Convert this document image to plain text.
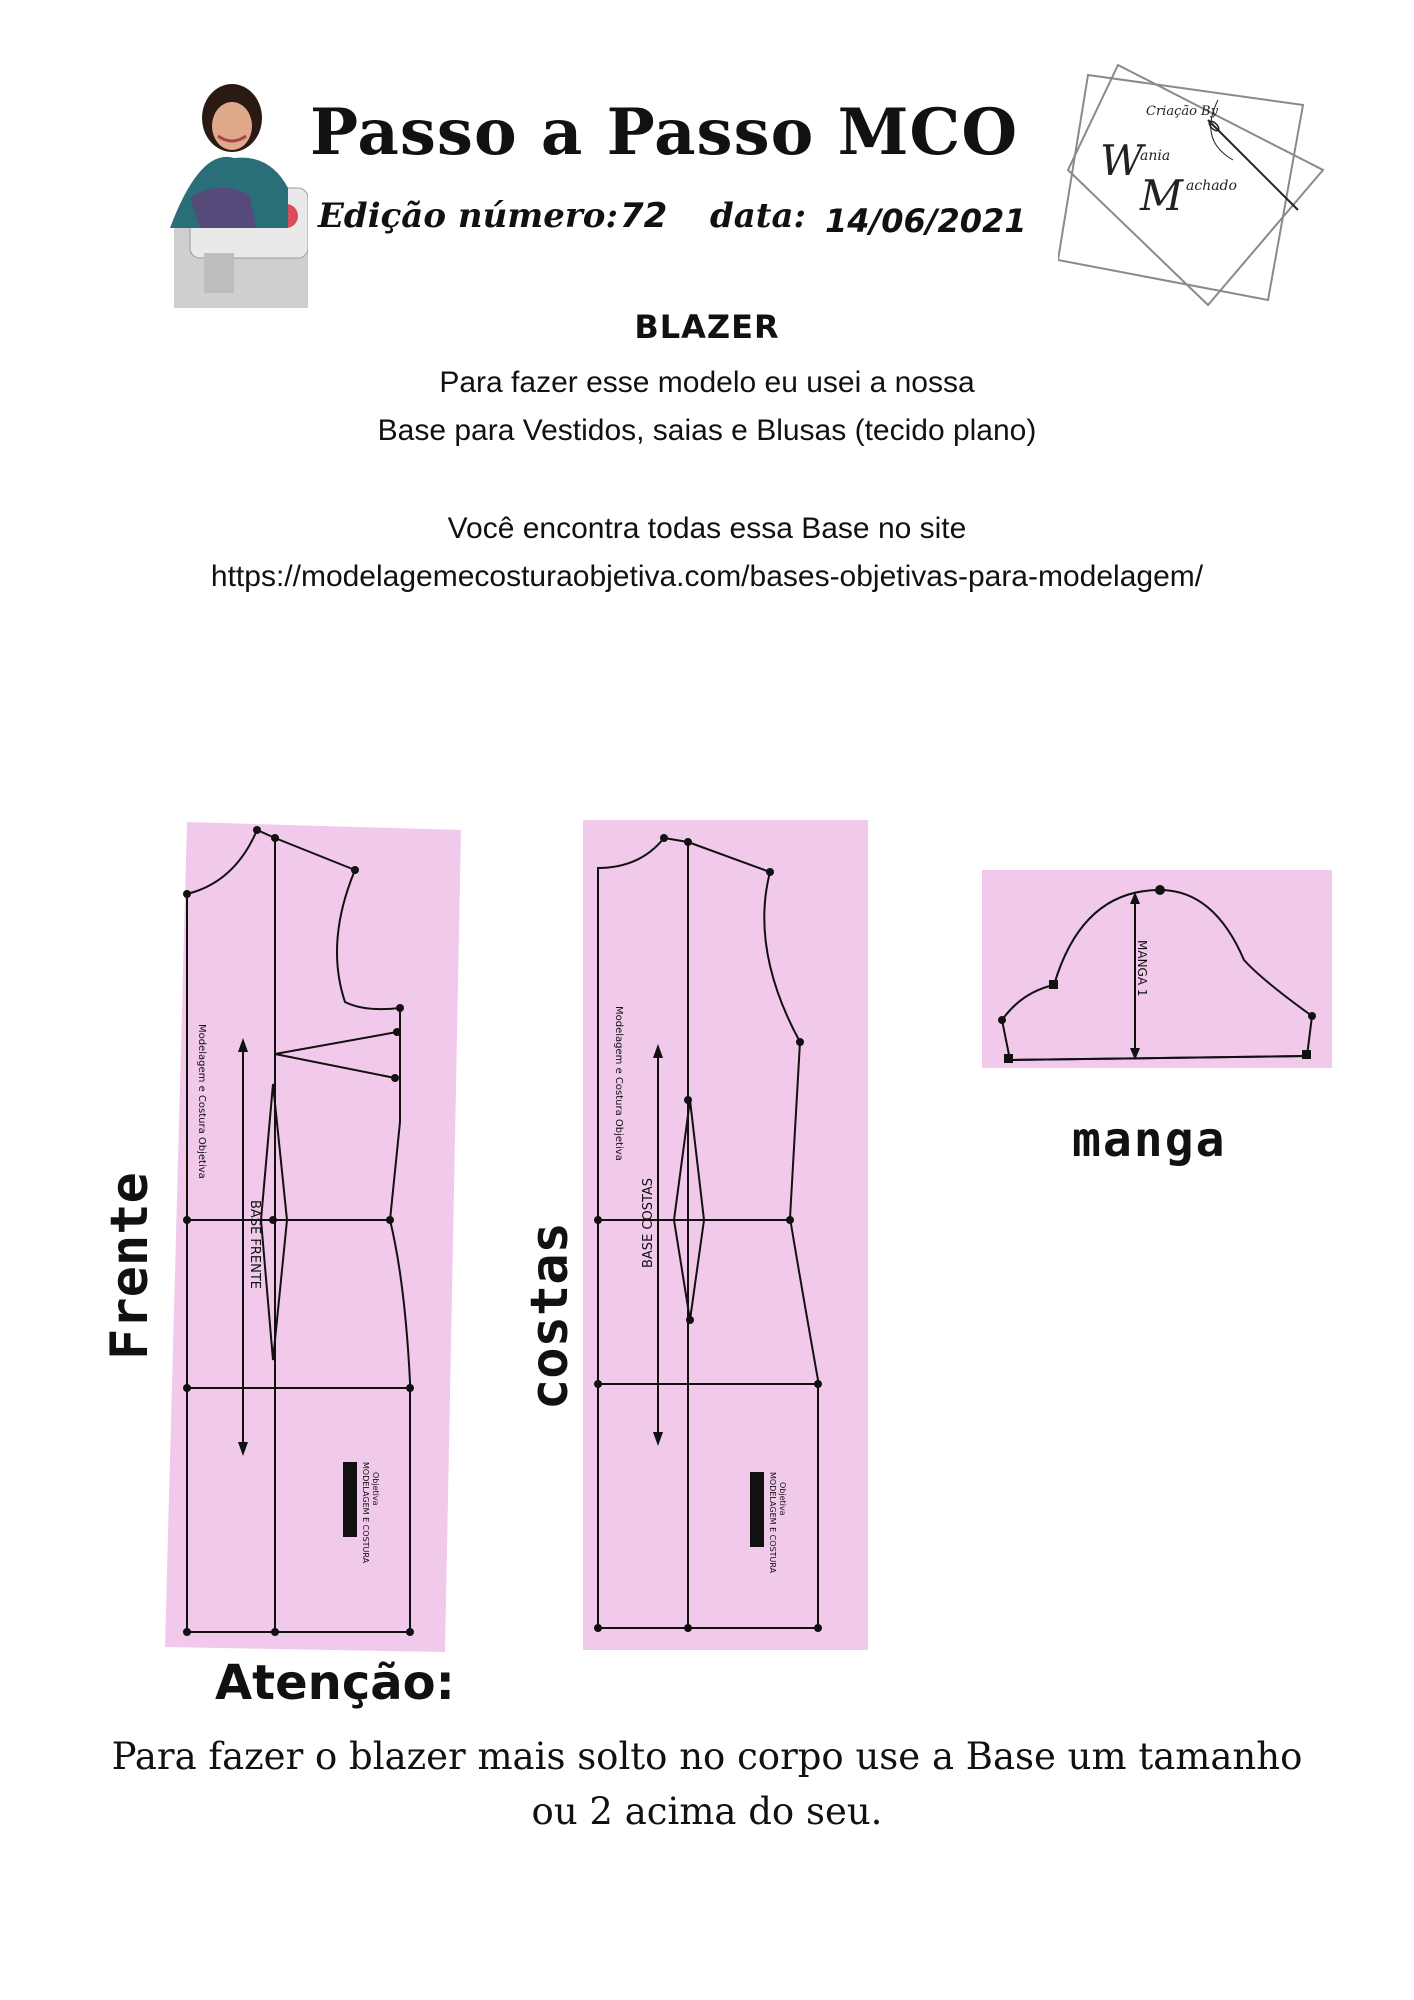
Passo a Passo MCO
Edição número: 72 data: 14/06/2021
Criação By
W
ania
M achado
BLAZER
Para fazer esse modelo eu usei a nossa
Base para Vestidos, saias e Blusas (tecido plano)
Você encontra todas essa Base no site
https://modelagemecosturaobjetiva.com/bases-objetivas-para-modelagem/
Frente
Modelagem e Costura Objetiva
BASE FRENTE
MODELAGEM E COSTURA Objetiva
costas
Modelagem e Costura Objetiva
BASE COSTAS
MODELAGEM E COSTURA Objetiva
MANGA 1
manga
Atenção:
Para fazer o blazer mais solto no corpo use a Base um tamanho
ou 2 acima do seu.
